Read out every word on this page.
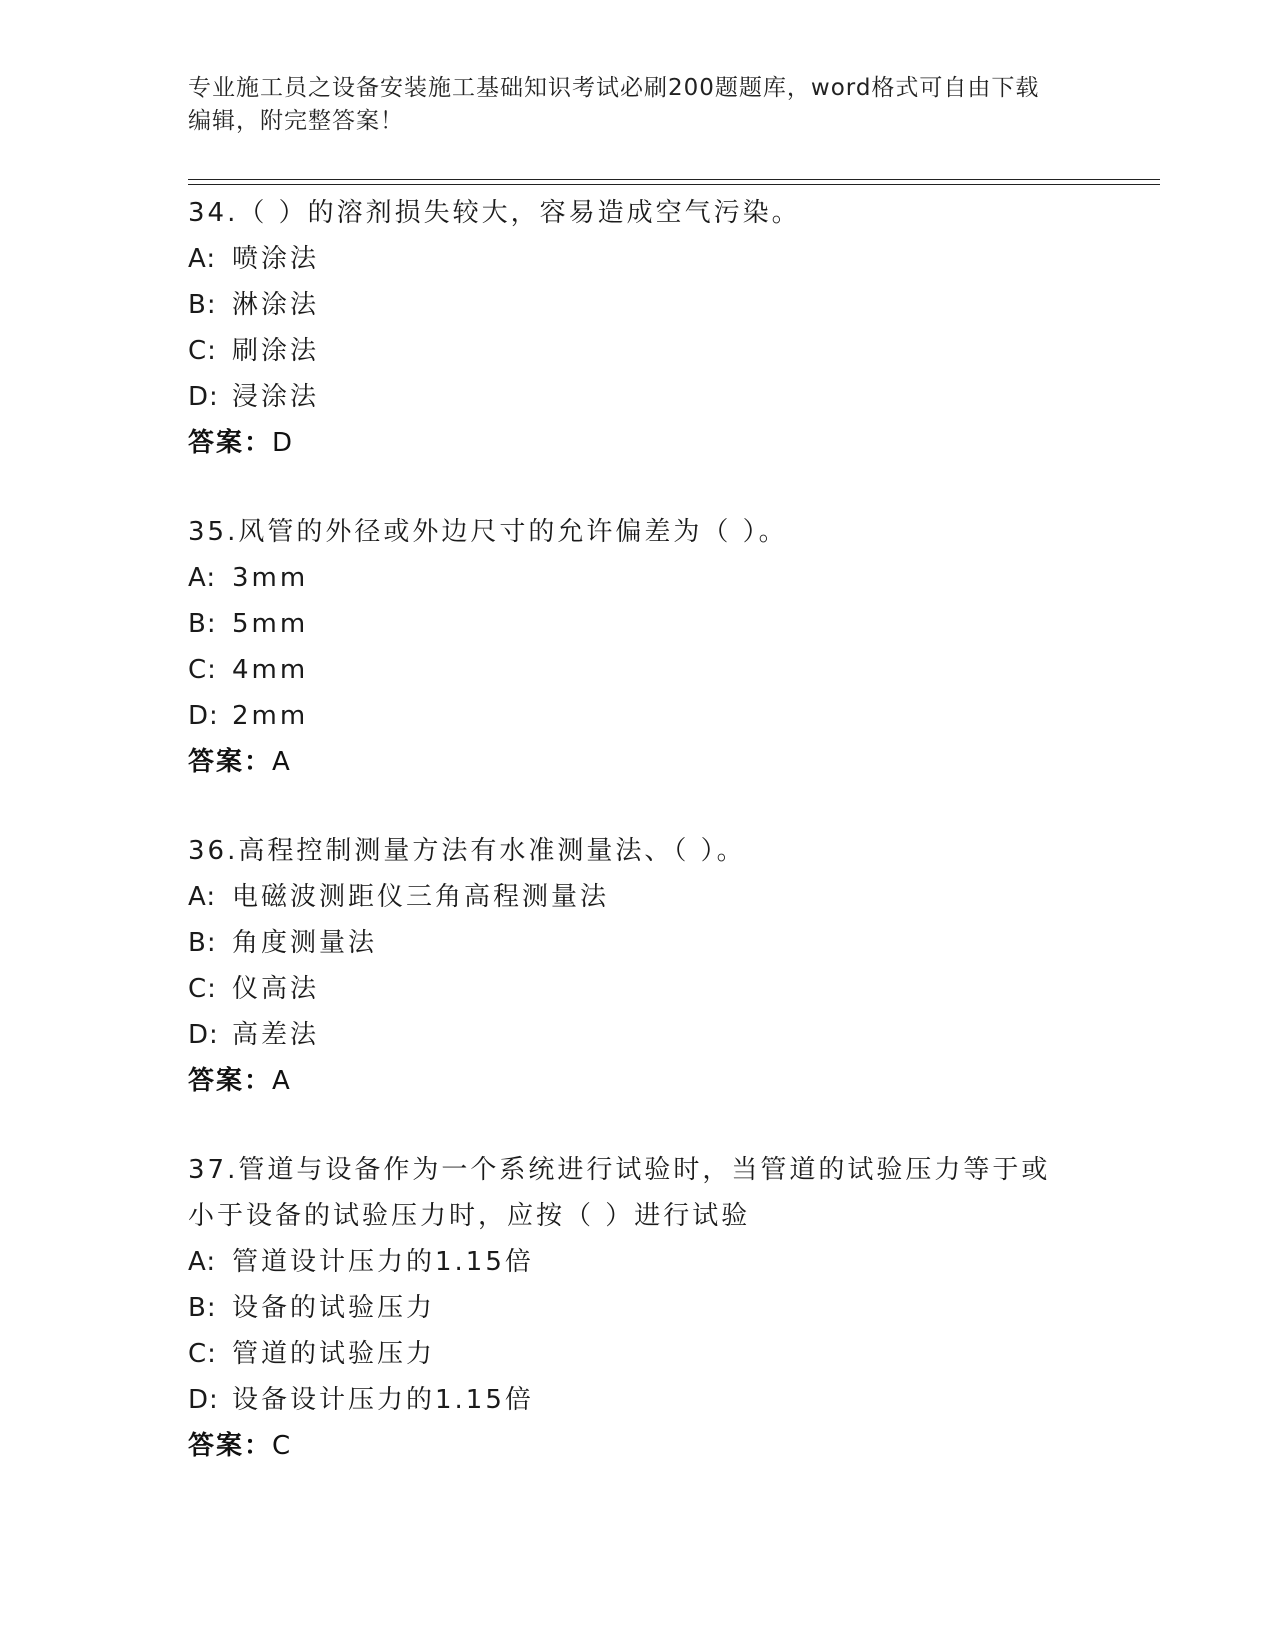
专业施工员之设备安装施工基础知识考试必刷200题题库，word格式可自由下载
编辑，附完整答案！
34.（ ）的溶剂损失较大，容易造成空气污染。
A: 喷涂法
B: 淋涂法
C: 刷涂法
D: 浸涂法
答案：D
35.风管的外径或外边尺寸的允许偏差为（ ）。
A: 3mm
B: 5mm
C: 4mm
D: 2mm
答案：A
36.高程控制测量方法有水准测量法、（ ）。
A: 电磁波测距仪三角高程测量法
B: 角度测量法
C: 仪高法
D: 高差法
答案：A
37.管道与设备作为一个系统进行试验时，当管道的试验压力等于或小于设备的试验压力时，应按（ ）进行试验
A: 管道设计压力的1.15倍
B: 设备的试验压力
C: 管道的试验压力
D: 设备设计压力的1.15倍
答案：C
